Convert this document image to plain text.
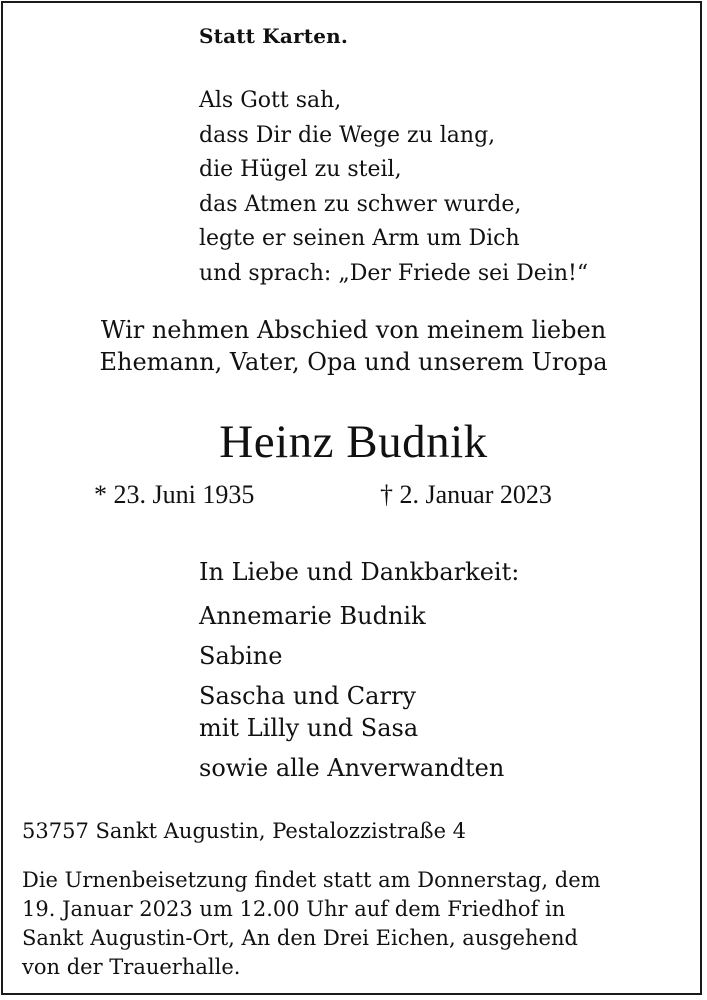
Statt Karten.
Als Gott sah,
dass Dir die Wege zu lang,
die Hügel zu steil,
das Atmen zu schwer wurde,
legte er seinen Arm um Dich
und sprach: „Der Friede sei Dein!“
Wir nehmen Abschied von meinem lieben
Ehemann, Vater, Opa und unserem Uropa
Heinz Budnik
* 23. Juni 1935	† 2. Januar 2023
In Liebe und Dankbarkeit:
Annemarie Budnik
Sabine
Sascha und Carry
mit Lilly und Sasa
sowie alle Anverwandten
53757 Sankt Augustin, Pestalozzistraße 4
Die Urnenbeisetzung findet statt am Donnerstag, dem
19. Januar 2023 um 12.00 Uhr auf dem Friedhof in
Sankt Augustin-Ort, An den Drei Eichen, ausgehend
von der Trauerhalle.
